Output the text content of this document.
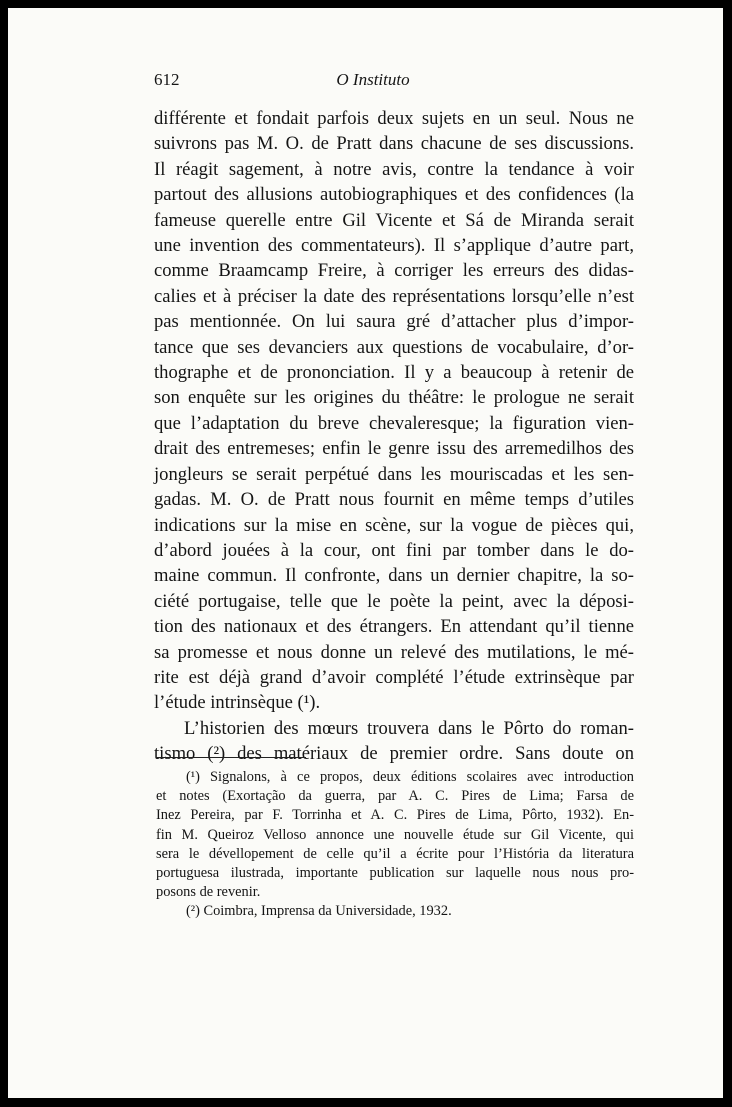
612	O Instituto
différente et fondait parfois deux sujets en un seul. Nous ne
suivrons pas M. O. de Pratt dans chacune de ses discussions.
Il réagit sagement, à notre avis, contre la tendance à voir
partout des allusions autobiographiques et des confidences (la
fameuse querelle entre Gil Vicente et Sá de Miranda serait
une invention des commentateurs). Il s’applique d’autre part,
comme Braamcamp Freire, à corriger les erreurs des didas-
calies et à préciser la date des représentations lorsqu’elle n’est
pas mentionnée. On lui saura gré d’attacher plus d’impor-
tance que ses devanciers aux questions de vocabulaire, d’or-
thographe et de prononciation. Il y a beaucoup à retenir de
son enquête sur les origines du théâtre: le prologue ne serait
que l’adaptation du breve chevaleresque; la figuration vien-
drait des entremeses; enfin le genre issu des arremedilhos des
jongleurs se serait perpétué dans les mouriscadas et les sen-
gadas. M. O. de Pratt nous fournit en même temps d’utiles
indications sur la mise en scène, sur la vogue de pièces qui,
d’abord jouées à la cour, ont fini par tomber dans le do-
maine commun. Il confronte, dans un dernier chapitre, la so-
ciété portugaise, telle que le poète la peint, avec la déposi-
tion des nationaux et des étrangers. En attendant qu’il tienne
sa promesse et nous donne un relevé des mutilations, le mé-
rite est déjà grand d’avoir complété l’étude extrinsèque par
l’étude intrinsèque (¹).
L’historien des mœurs trouvera dans le Pôrto do roman-
tismo (²) des matériaux de premier ordre. Sans doute on
(¹) Signalons, à ce propos, deux éditions scolaires avec introduction
et notes (Exortação da guerra, par A. C. Pires de Lima; Farsa de
Inez Pereira, par F. Torrinha et A. C. Pires de Lima, Pôrto, 1932). En-
fin M. Queiroz Velloso annonce une nouvelle étude sur Gil Vicente, qui
sera le dévellopement de celle qu’il a écrite pour l’História da literatura
portuguesa ilustrada, importante publication sur laquelle nous nous pro-
posons de revenir.
(²) Coimbra, Imprensa da Universidade, 1932.
